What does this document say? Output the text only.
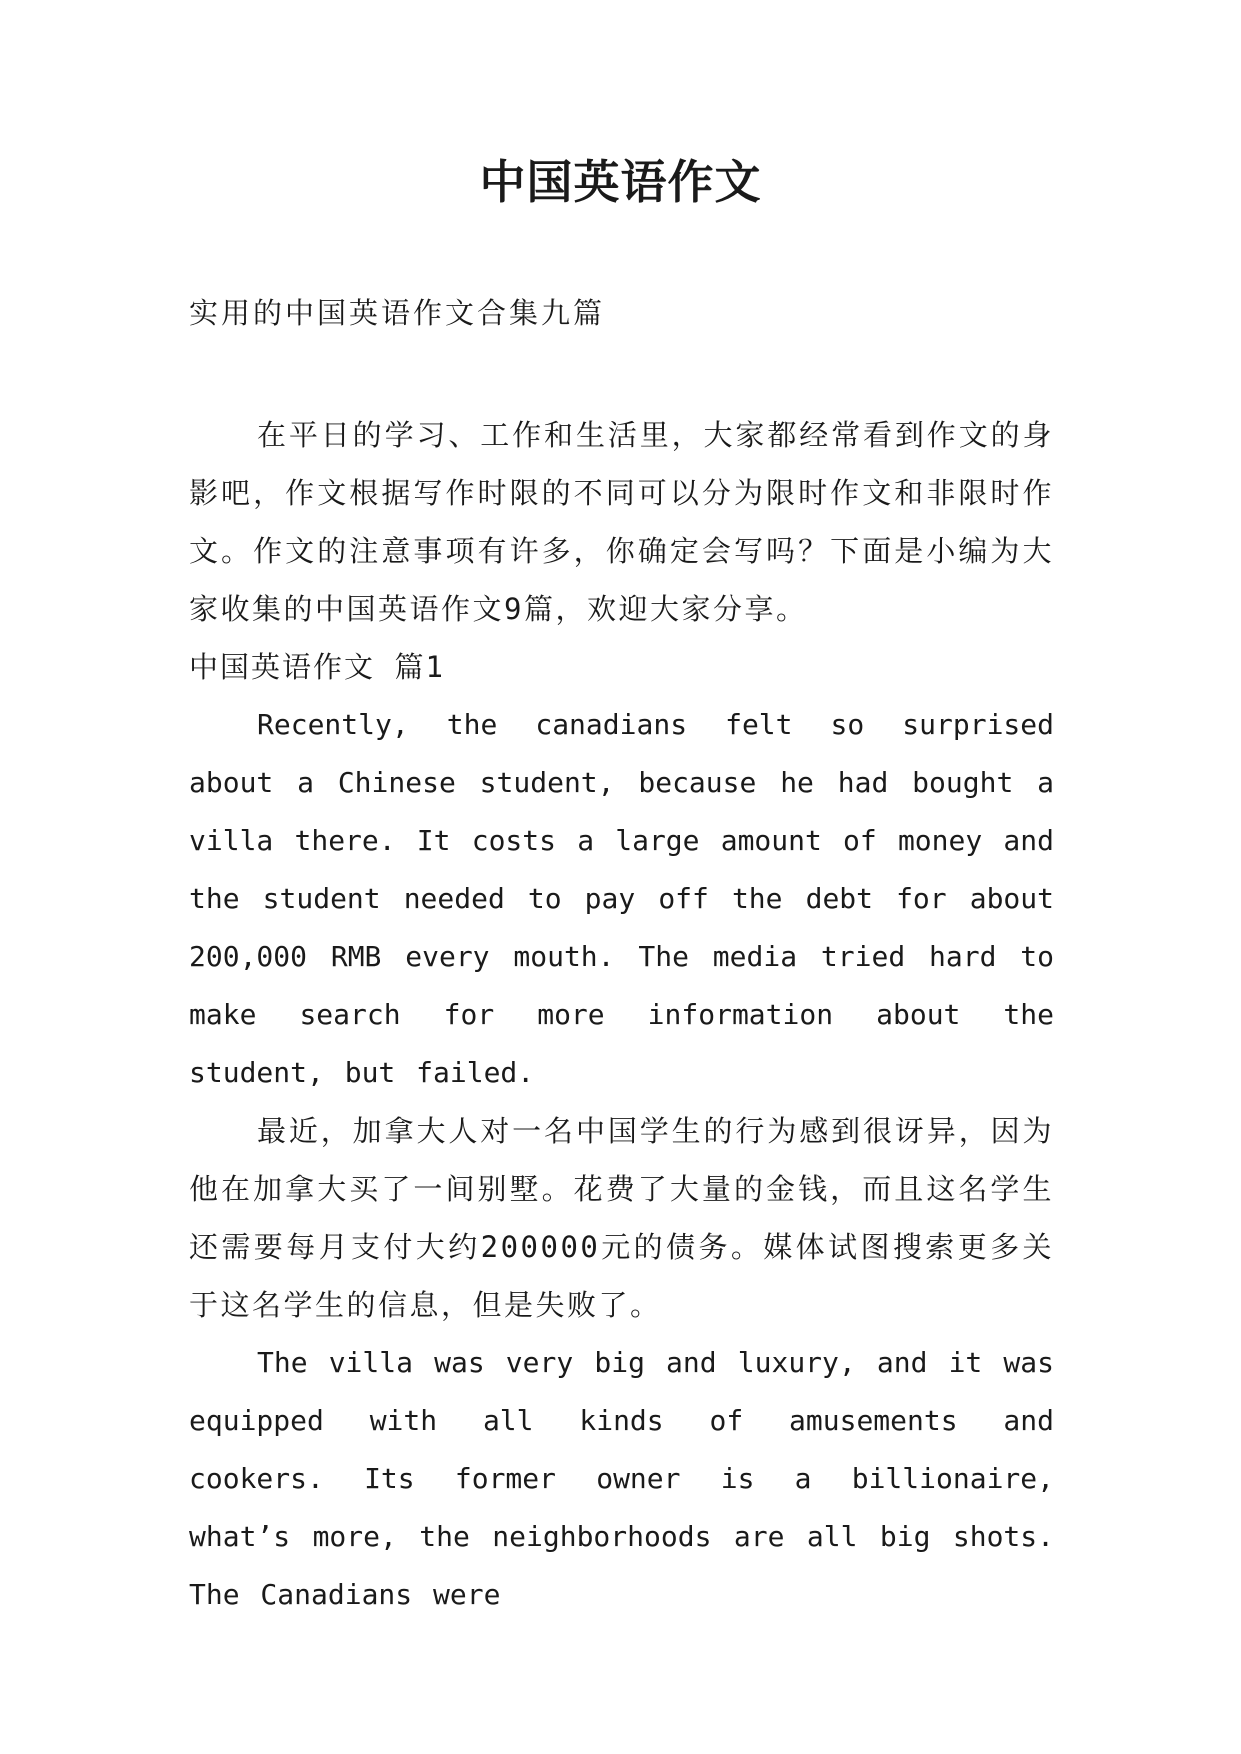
中国英语作文

实用的中国英语作文合集九篇

在平日的学习、工作和生活里，大家都经常看到作文的身影吧，作文根据写作时限的不同可以分为限时作文和非限时作文。作文的注意事项有许多，你确定会写吗？下面是小编为大家收集的中国英语作文9篇，欢迎大家分享。

中国英语作文 篇1

Recently, the canadians felt so surprised about a Chinese student, because he had bought a villa there. It costs a large amount of money and the student needed to pay off the debt for about 200,000 RMB every mouth. The media tried hard to make search for more information about the student, but failed.

最近，加拿大人对一名中国学生的行为感到很讶异，因为他在加拿大买了一间别墅。花费了大量的金钱，而且这名学生还需要每月支付大约200000元的债务。媒体试图搜索更多关于这名学生的信息，但是失败了。

The villa was very big and luxury, and it was equipped with all kinds of amusements and cookers. Its former owner is a billionaire, what’s more, the neighborhoods are all big shots. The Canadians were
